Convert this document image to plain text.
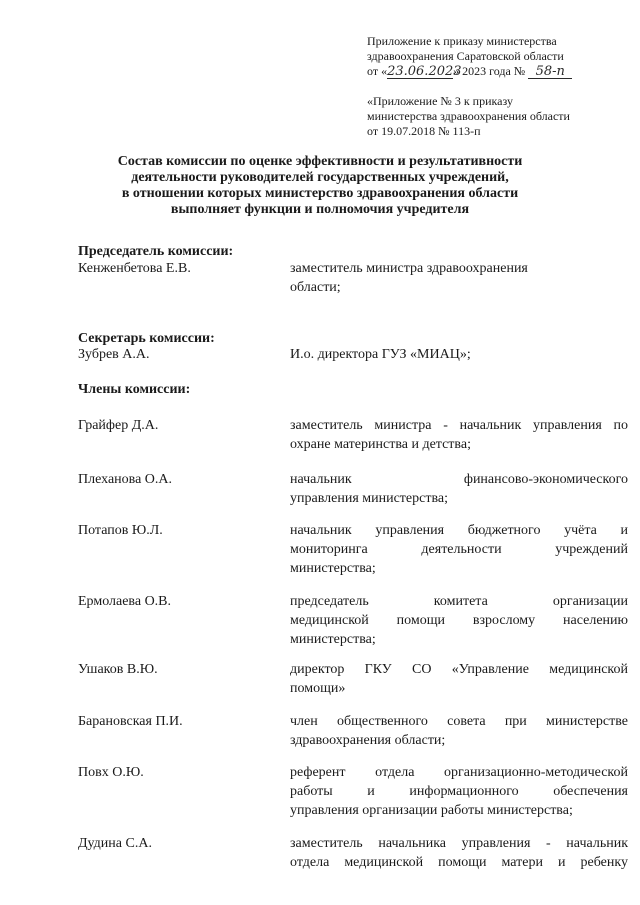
Приложение к приказу министерства
здравоохранения Саратовской области
от «23.06.2023» 2023 года № 58-п
«Приложение № 3 к приказу
министерства здравоохранения области
от 19.07.2018 № 113-п
Состав комиссии по оценке эффективности и результативности
деятельности руководителей государственных учреждений,
в отношении которых министерство здравоохранения области
выполняет функции и полномочия учредителя
Председатель комиссии:
Кенженбетова Е.В.	заместитель министра здравоохранения
области;
Секретарь комиссии:
Зубрев А.А.	И.о. директора ГУЗ «МИАЦ»;
Члены комиссии:
Грайфер Д.А.	заместитель министра - начальник управления по
охране материнства и детства;
Плеханова О.А.	начальник финансово-экономического
управления министерства;
Потапов Ю.Л.	начальник управления бюджетного учёта и
мониторинга деятельности учреждений
министерства;
Ермолаева О.В.	председатель комитета организации
медицинской помощи взрослому населению
министерства;
Ушаков В.Ю.	директор ГКУ СО «Управление медицинской
помощи»
Барановская П.И.	член общественного совета при министерстве
здравоохранения области;
Повх О.Ю.	референт отдела организационно-методической
работы и информационного обеспечения
управления организации работы министерства;
Дудина С.А.	заместитель начальника управления - начальник
отдела медицинской помощи матери и ребенку
